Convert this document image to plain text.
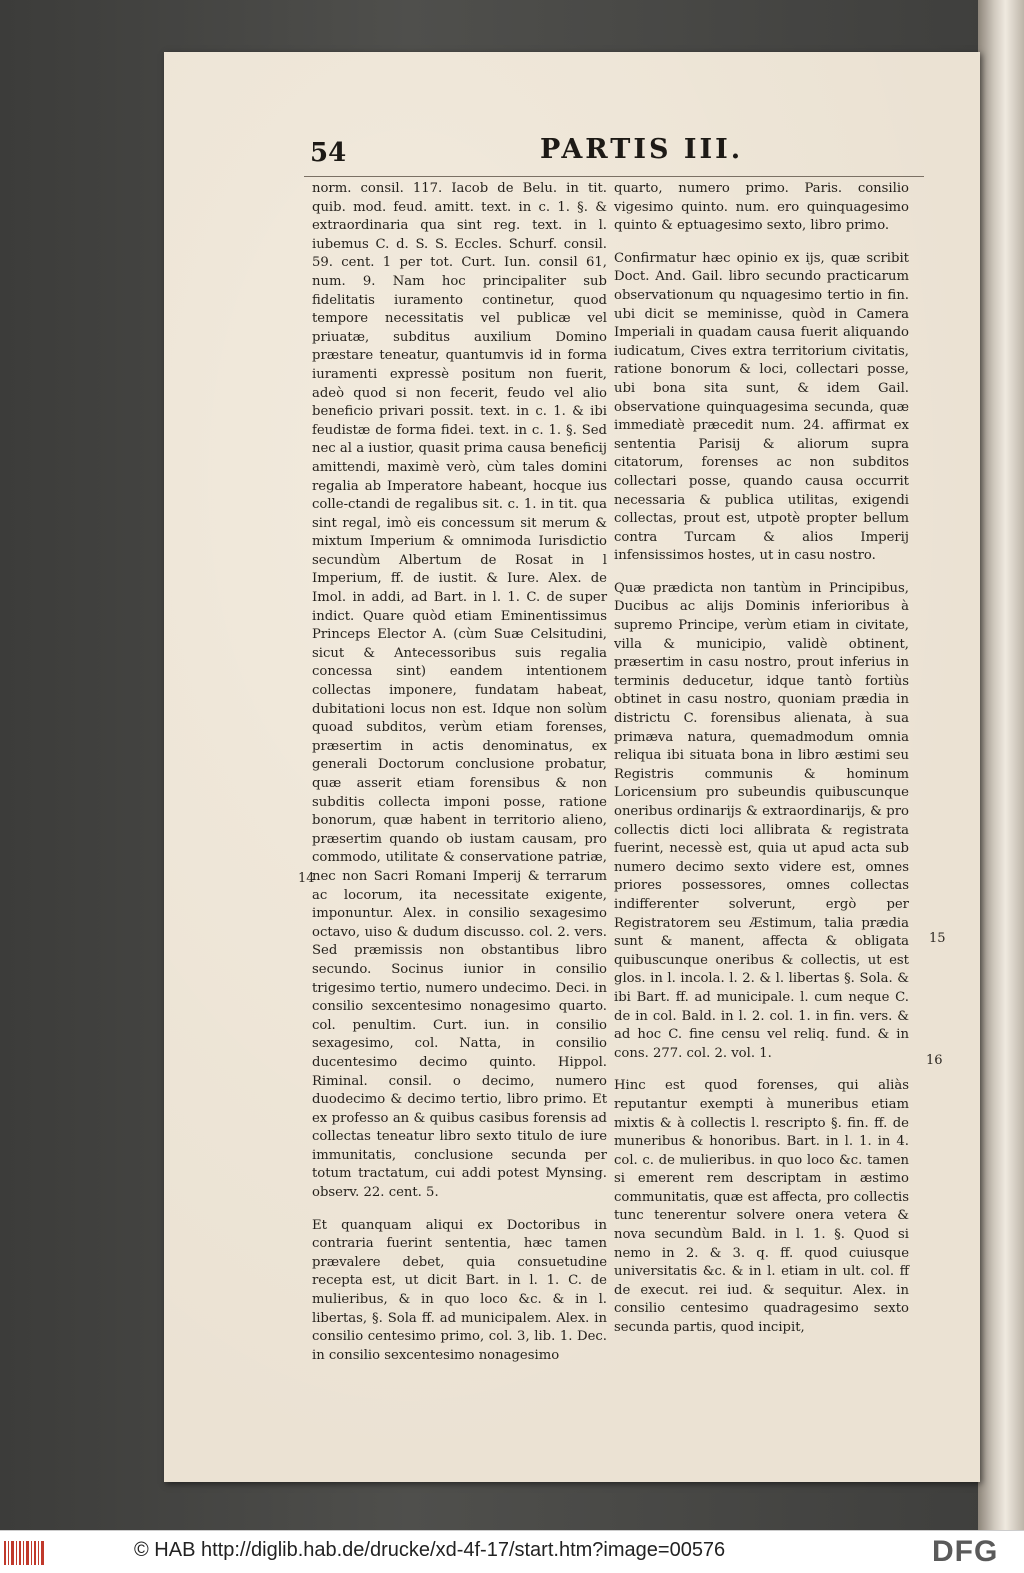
54	PARTIS III.

norm. consil. 117. Iacob de Belu. in tit. quib. mod. feud. amitt. text. in c. 1. §. & extraordinaria qua sint reg. text. in l. iubemus C. d. S. S. Eccles. Schurf. consil. 59. cent. 1 per tot. Curt. Iun. consil 61, num. 9. Nam hoc principaliter sub fidelitatis iuramento continetur, quod tempore necessitatis vel publicæ vel priuatæ, subditus auxilium Domino præstare teneatur, quantumvis id in forma iuramenti expressè positum non fuerit, adeò quod si non fecerit, feudo vel alio beneficio privari possit. text. in c. 1. & ibi feudistæ de forma fidei. text. in c. 1. §. Sed nec al a iustior, quasit prima causa beneficij amittendi, maximè verò, cùm tales domini regalia ab Imperatore habeant, hocque ius colle-ctandi de regalibus sit. c. 1. in tit. qua sint regal, imò eis concessum sit merum & mixtum Imperium & omnimoda Iurisdictio secundùm Albertum de Rosat in l Imperium, ff. de iustit. & Iure. Alex. de Imol. in addi, ad Bart. in l. 1. C. de super indict. Quare quòd etiam Eminentissimus Princeps Elector A. (cùm Suæ Celsitudini, sicut & Antecessoribus suis regalia concessa sint) eandem intentionem collectas imponere, fundatam habeat, dubitationi locus non est. Idque non solùm quoad subditos, verùm etiam forenses, præsertim in actis denominatus, ex generali Doctorum conclusione probatur, quæ asserit etiam forensibus & non subditis collecta imponi posse, ratione bonorum, quæ habent in territorio alieno, præsertim quando ob iustam causam, pro commodo, utilitate & conservatione patriæ, nec non Sacri Romani Imperij & terrarum ac locorum, ita necessitate exigente, imponuntur. Alex. in consilio sexagesimo octavo, uiso & dudum discusso. col. 2. vers. Sed præmissis non obstantibus libro secundo. Socinus iunior in consilio trigesimo tertio, numero undecimo. Deci. in consilio sexcentesimo nonagesimo quarto. col. penultim. Curt. iun. in consilio sexagesimo, col. Natta, in consilio ducentesimo decimo quinto. Hippol. Riminal. consil. o decimo, numero duodecimo & decimo tertio, libro primo. Et ex professo an & quibus casibus forensis ad collectas teneatur libro sexto titulo de iure immunitatis, conclusione secunda per totum tractatum, cui addi potest Mynsing. observ. 22. cent. 5.

Et quanquam aliqui ex Doctoribus in contraria fuerint sententia, hæc tamen prævalere debet, quia consuetudine recepta est, ut dicit Bart. in l. 1. C. de mulieribus, & in quo loco &c. & in l. libertas, §. Sola ff. ad municipalem. Alex. in consilio centesimo primo, col. 3, lib. 1. Dec. in consilio sexcentesimo nonagesimo

quarto, numero primo. Paris. consilio vigesimo quinto. num. ero quinquagesimo quinto & eptuagesimo sexto, libro primo.

Confirmatur hæc opinio ex ijs, quæ scribit Doct. And. Gail. libro secundo practicarum observationum qu nquagesimo tertio in fin. ubi dicit se meminisse, quòd in Camera Imperiali in quadam causa fuerit aliquando iudicatum, Cives extra territorium civitatis, ratione bonorum & loci, collectari posse, ubi bona sita sunt, & idem Gail. observatione quinquagesima secunda, quæ immediatè præcedit num. 24. affirmat ex sententia Parisij & aliorum supra citatorum, forenses ac non subditos collectari posse, quando causa occurrit necessaria & publica utilitas, exigendi collectas, prout est, utpotè propter bellum contra Turcam & alios Imperij infensissimos hostes, ut in casu nostro.

Quæ prædicta non tantùm in Principibus, Ducibus ac alijs Dominis inferioribus à supremo Principe, verùm etiam in civitate, villa & municipio, validè obtinent, præsertim in casu nostro, prout inferius in terminis deducetur, idque tantò fortiùs obtinet in casu nostro, quoniam prædia in districtu C. forensibus alienata, à sua primæva natura, quemadmodum omnia reliqua ibi situata bona in libro æstimi seu Registris communis & hominum Loricensium pro subeundis quibuscunque oneribus ordinarijs & extraordinarijs, & pro collectis dicti loci allibrata & registrata fuerint, necessè est, quia ut apud acta sub numero decimo sexto videre est, omnes priores possessores, omnes collectas indifferenter solverunt, ergò per Registratorem seu Æstimum, talia prædia sunt & manent, affecta & obligata quibuscunque oneribus & collectis, ut est glos. in l. incola. l. 2. & l. libertas §. Sola. & ibi Bart. ff. ad municipale. l. cum neque C. de in col. Bald. in l. 2. col. 1. in fin. vers. & ad hoc C. fine censu vel reliq. fund. & in cons. 277. col. 2. vol. 1.

Hinc est quod forenses, qui aliàs reputantur exempti à muneribus etiam mixtis & à collectis l. rescripto §. fin. ff. de muneribus & honoribus. Bart. in l. 1. in 4. col. c. de mulieribus. in quo loco &c. tamen si emerent rem descriptam in æstimo communitatis, quæ est affecta, pro collectis tunc tenerentur solvere onera vetera & nova secundùm Bald. in l. 1. §. Quod si nemo in 2. & 3. q. ff. quod cuiusque universitatis &c. & in l. etiam in ult. col. ff de execut. rei iud. & sequitur. Alex. in consilio centesimo quadragesimo sexto secunda partis, quod incipit,

14
15
16
© HAB http://diglib.hab.de/drucke/xd-4f-17/start.htm?image=00576	DFG
